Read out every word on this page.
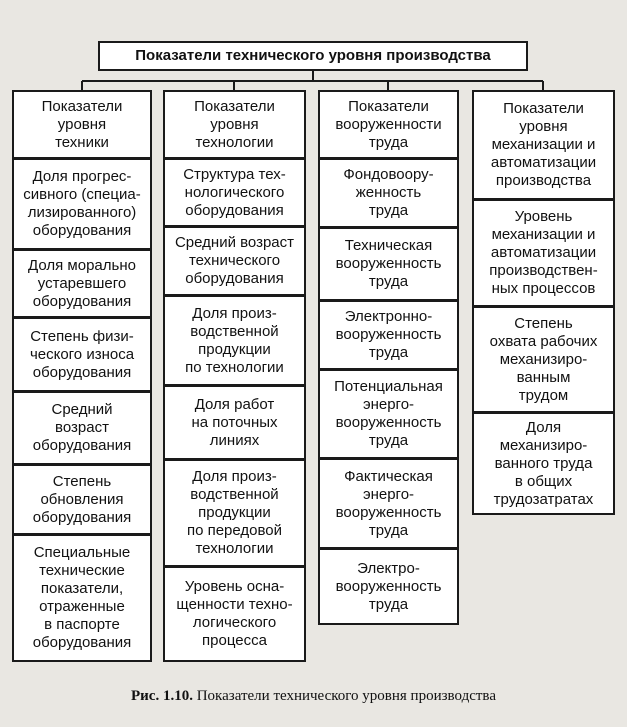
Показатели технического уровня производства
Показатели
уровня
техники
Доля прогрес-
сивного (специа-
лизированного)
оборудования
Доля морально
устаревшего
оборудования
Степень физи-
ческого износа
оборудования
Средний
возраст
оборудования
Степень
обновления
оборудования
Специальные
технические
показатели,
отраженные
в паспорте
оборудования
Показатели
уровня
технологии
Структура тех-
нологического
оборудования
Средний возраст
технического
оборудования
Доля произ-
водственной
продукции
по технологии
Доля работ
на поточных
линиях
Доля произ-
водственной
продукции
по передовой
технологии
Уровень осна-
щенности техно-
логического
процесса
Показатели
вооруженности
труда
Фондовоору-
женность
труда
Техническая
вооруженность
труда
Электронно-
вооруженность
труда
Потенциальная
энерго-
вооруженность
труда
Фактическая
энерго-
вооруженность
труда
Электро-
вооруженность
труда
Показатели
уровня
механизации и
автоматизации
производства
Уровень
механизации и
автоматизации
производствен-
ных процессов
Степень
охвата рабочих
механизиро-
ванным
трудом
Доля
механизиро-
ванного труда
в общих
трудозатратах
Рис. 1.10. Показатели технического уровня производства
